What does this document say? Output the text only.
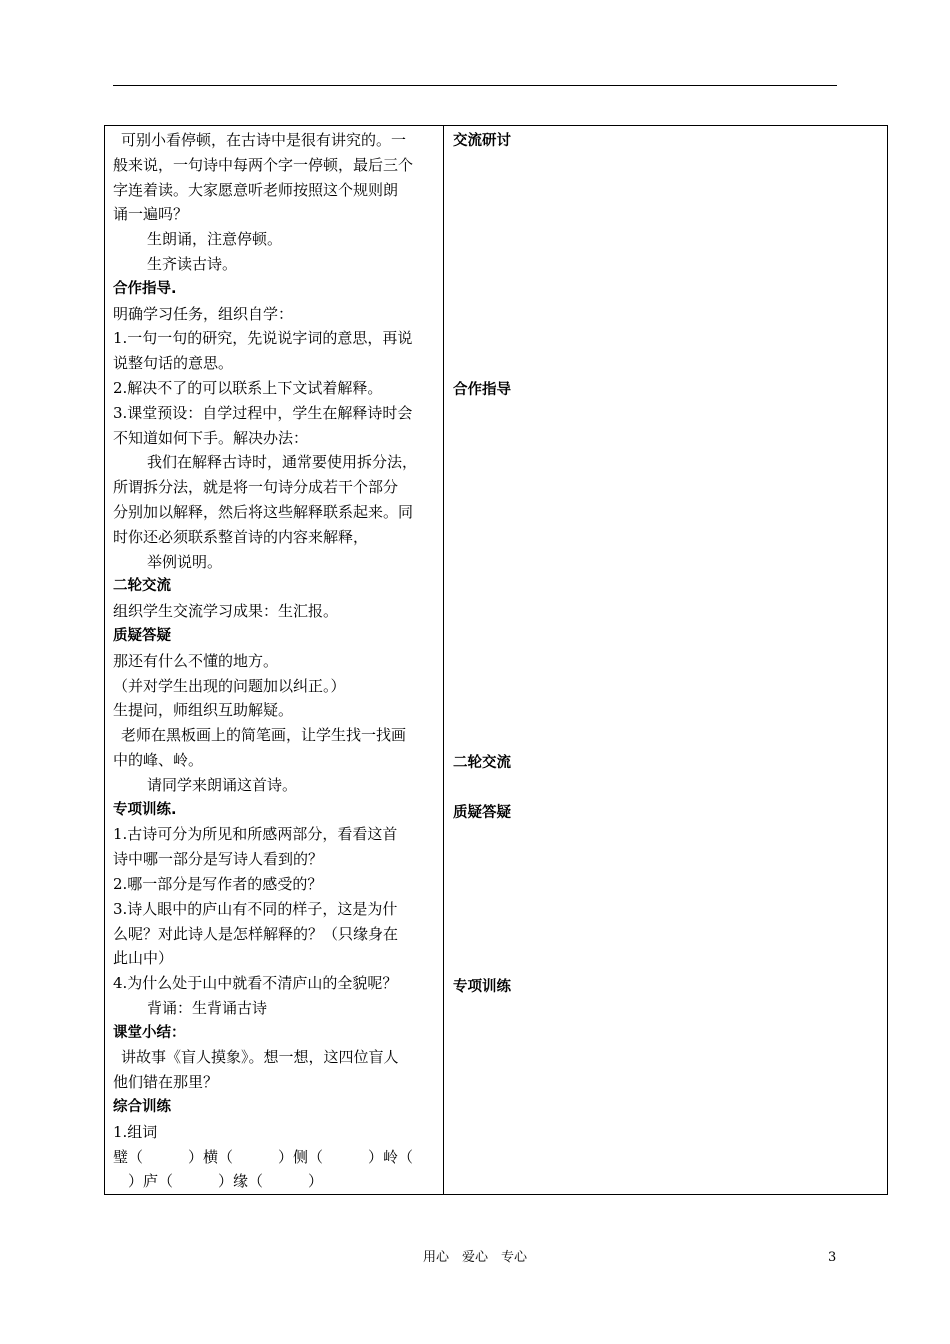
可别小看停顿，在古诗中是很有讲究的。一
般来说，一句诗中每两个字一停顿，最后三个
字连着读。大家愿意听老师按照这个规则朗
诵一遍吗？
生朗诵，注意停顿。
生齐读古诗。
合作指导.
明确学习任务，组织自学：
1.一句一句的研究，先说说字词的意思，再说
说整句话的意思。
2.解决不了的可以联系上下文试着解释。
3.课堂预设：自学过程中，学生在解释诗时会
不知道如何下手。解决办法：
我们在解释古诗时，通常要使用拆分法，
所谓拆分法，就是将一句诗分成若干个部分
分别加以解释，然后将这些解释联系起来。同
时你还必须联系整首诗的内容来解释，
举例说明。
二轮交流
组织学生交流学习成果：生汇报。
质疑答疑
那还有什么不懂的地方。
（并对学生出现的问题加以纠正。）
生提问，师组织互助解疑。
老师在黑板画上的简笔画，让学生找一找画
中的峰、岭。
请同学来朗诵这首诗。
专项训练.
1.古诗可分为所见和所感两部分，看看这首
诗中哪一部分是写诗人看到的？
2.哪一部分是写作者的感受的？
3.诗人眼中的庐山有不同的样子，这是为什
么呢？对此诗人是怎样解释的？（只缘身在
此山中）
4.为什么处于山中就看不清庐山的全貌呢？
背诵：生背诵古诗
课堂小结：
讲故事《盲人摸象》。想一想，这四位盲人
他们错在那里？
综合训练
1.组词
璧（　　　）横（　　　）侧（　　　）岭（
　）庐（　　　）缘（　　　）
交流研讨
合作指导
二轮交流
质疑答疑
专项训练
用心　爱心　专心	3
